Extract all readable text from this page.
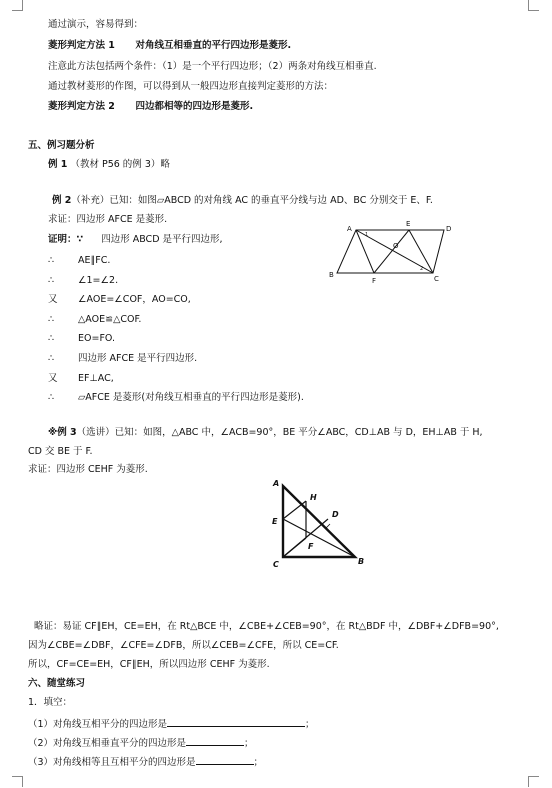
通过演示，容易得到：
菱形判定方法 1 对角线互相垂直的平行四边形是菱形.
注意此方法包括两个条件：（1）是一个平行四边形；（2）两条对角线互相垂直.
通过教材菱形的作图，可以得到从一般四边形直接判定菱形的方法：
菱形判定方法 2 四边都相等的四边形是菱形.
五、例习题分析
例 1 （教材 P56 的例 3）略
例 2（补充）已知：如图▱ABCD 的对角线 AC 的垂直平分线与边 AD、BC 分别交于 E、F.
求证：四边形 AFCE 是菱形.
证明：∵ 四边形 ABCD 是平行四边形,
∴	AE∥FC.
∴	∠1=∠2.
又 ∠AOE=∠COF，AO=CO,
∴	△AOE≌△COF.
∴	EO=FO.
∴	四边形 AFCE 是平行四边形.
又 EF⊥AC,
∴	▱AFCE 是菱形(对角线互相垂直的平行四边形是菱形).
A
E
D
O
B
F	C
1
2
※例 3（选讲）已知：如图，△ABC 中，∠ACB=90°，BE 平分∠ABC，CD⊥AB 与 D，EH⊥AB 于 H,
CD 交 BE 于 F.
求证：四边形 CEHF 为菱形.
A
H
D
E
F
C	B
略证：易证 CF∥EH，CE=EH，在 Rt△BCE 中，∠CBE+∠CEB=90°，在 Rt△BDF 中，∠DBF+∠DFB=90°,
因为∠CBE=∠DBF，∠CFE=∠DFB，所以∠CEB=∠CFE，所以 CE=CF.
所以，CF=CE=EH，CF∥EH，所以四边形 CEHF 为菱形.
六、随堂练习
1．填空：
（1）对角线互相平分的四边形是	；
（2）对角线互相垂直平分的四边形是	；
（3）对角线相等且互相平分的四边形是	；
